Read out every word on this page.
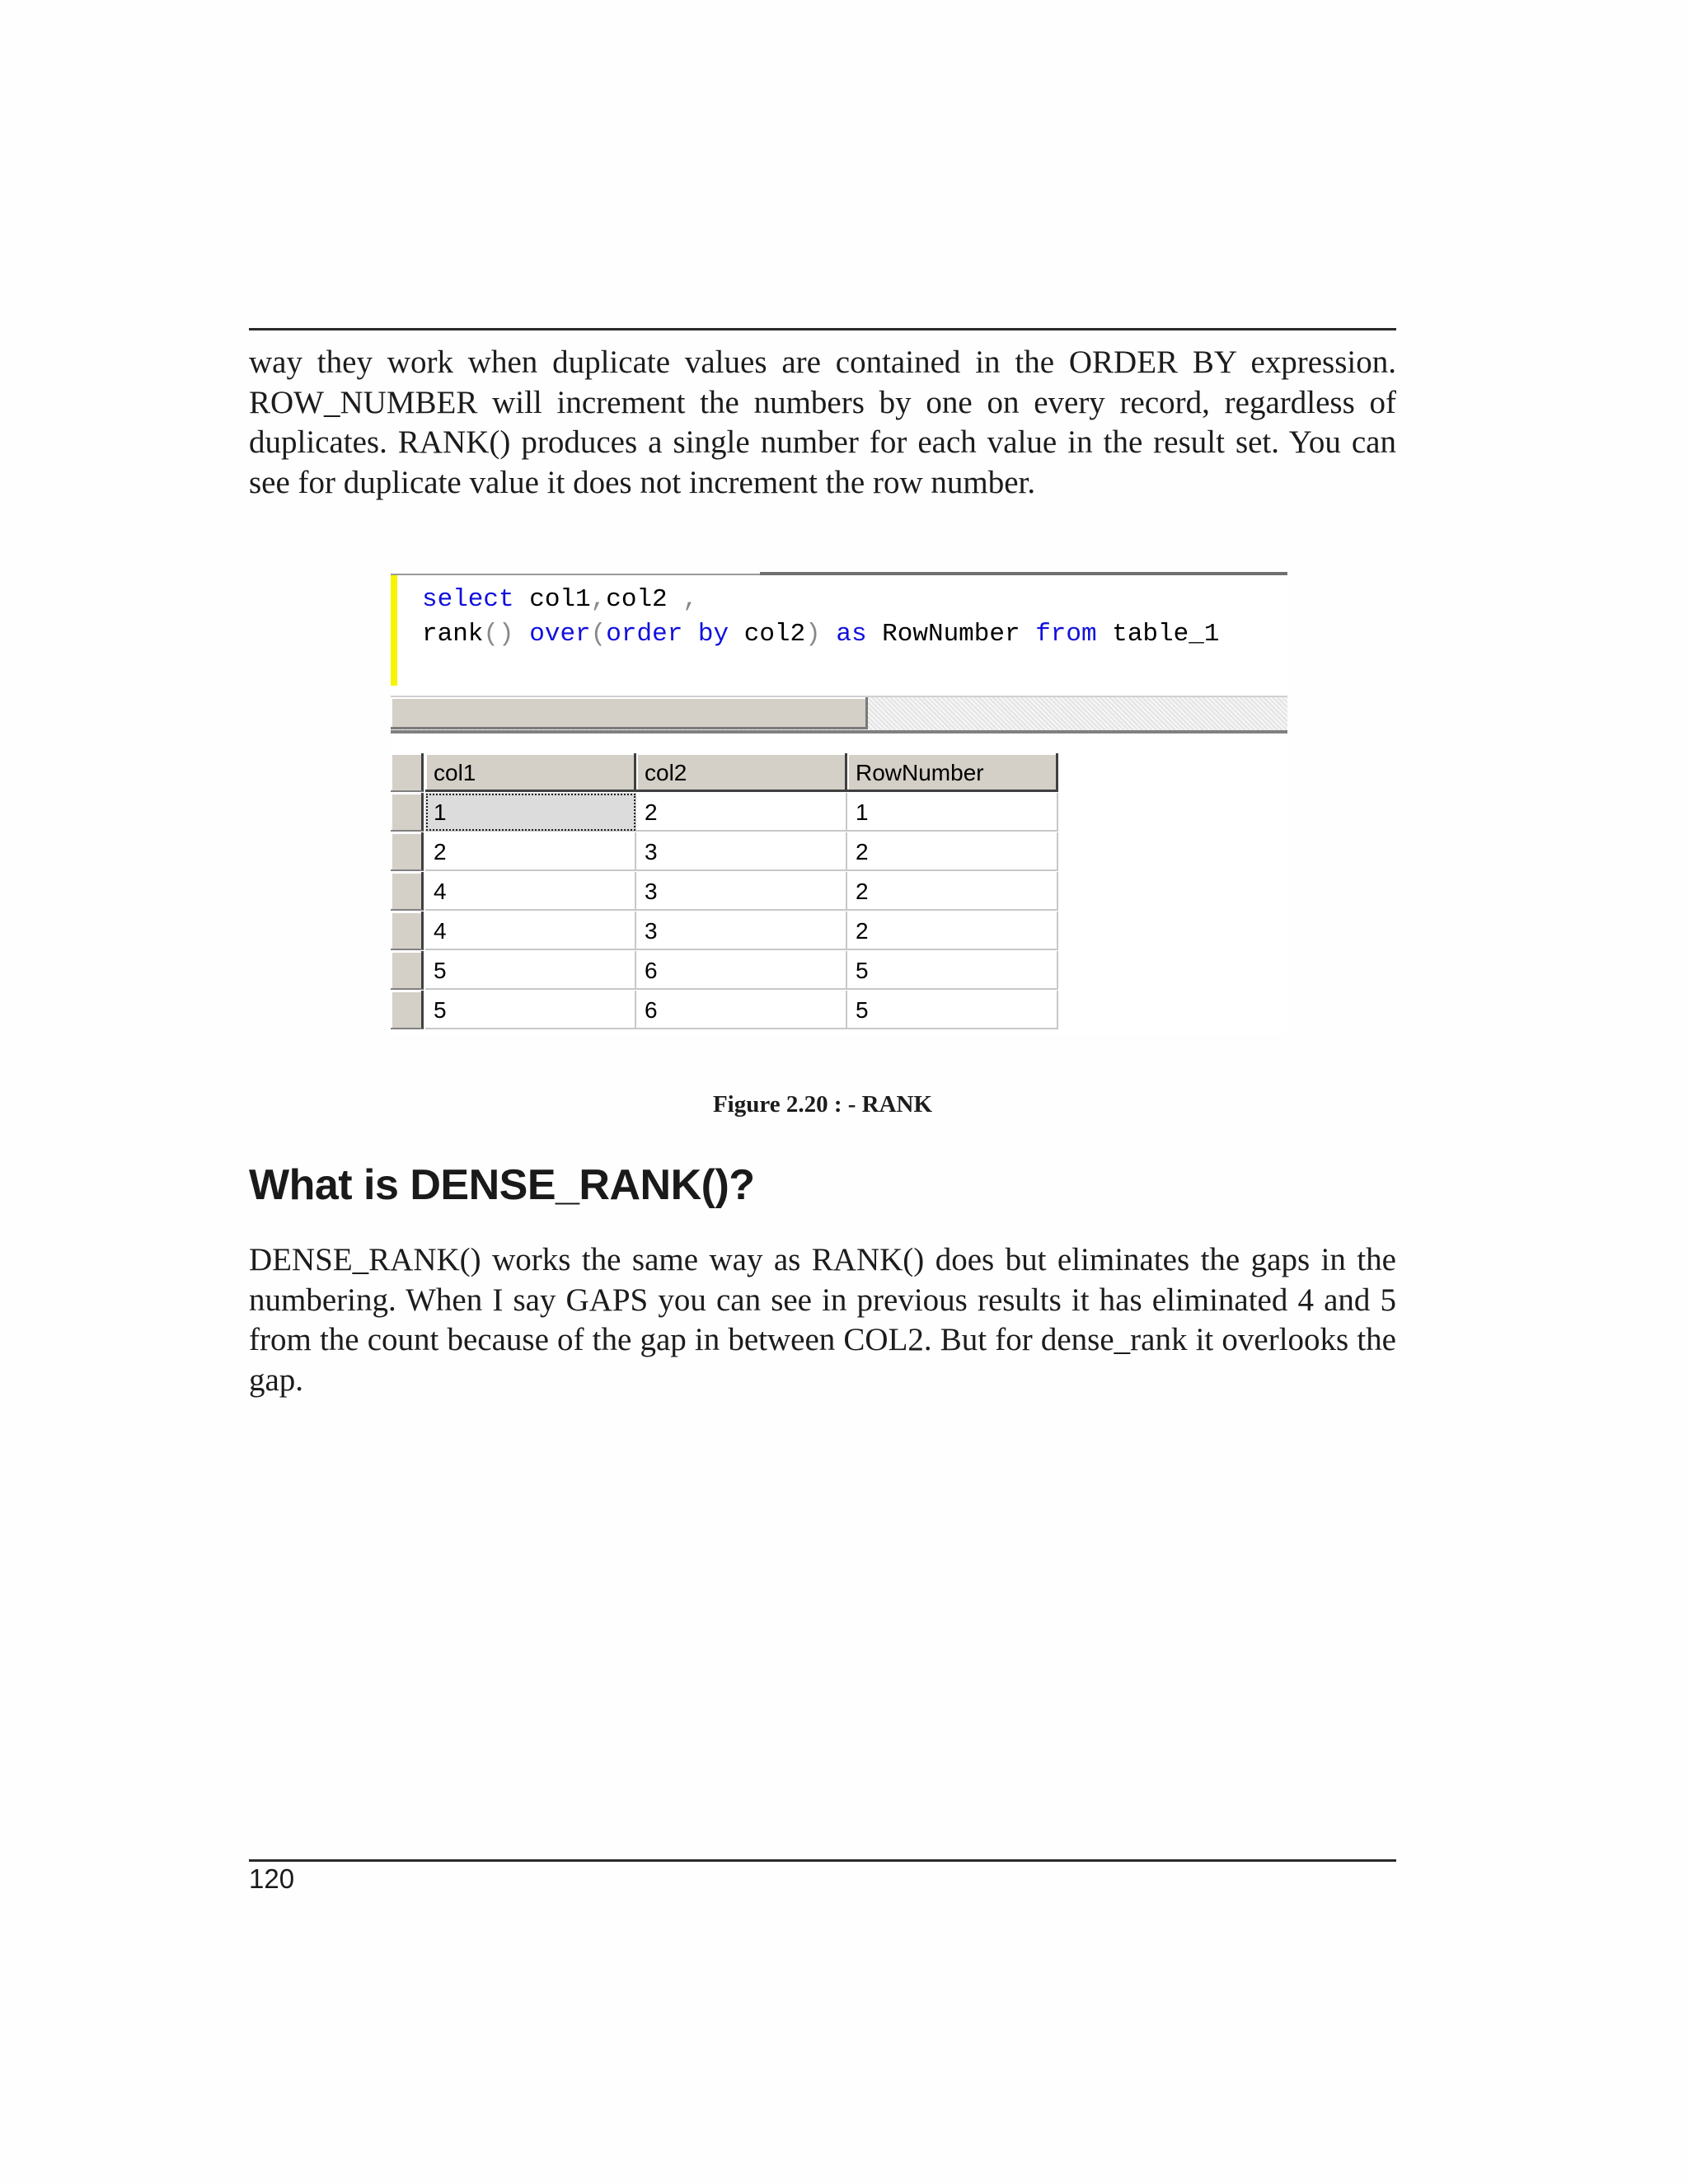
way they work when duplicate values are contained in the ORDER BY expression. ROW_NUMBER will increment the numbers by one on every record, regardless of duplicates. RANK() produces a single number for each value in the result set. You can see for duplicate value it does not increment the row number.

select col1,col2 ,
rank() over(order by col2) as RowNumber from table_1
col1	col2	RowNumber
1	2	1
2	3	2
4	3	2
4	3	2
5	6	5
5	6	5
Figure 2.20 : - RANK
What is DENSE_RANK()?

DENSE_RANK() works the same way as RANK() does but eliminates the gaps in the numbering. When I say GAPS you can see in previous results it has eliminated 4 and 5 from the count because of the gap in between COL2. But for dense_rank it overlooks the gap.

120
